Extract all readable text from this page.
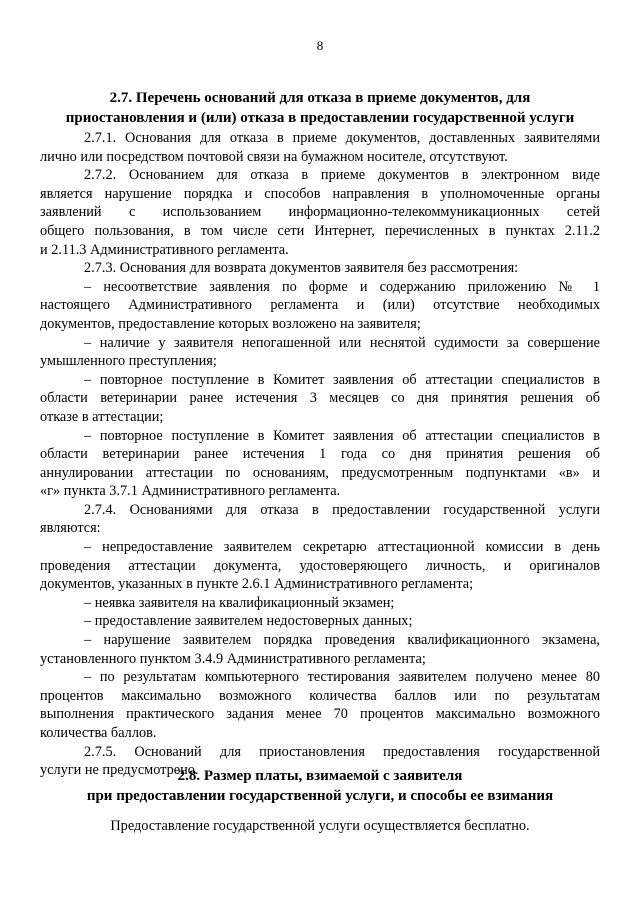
8
2.7. Перечень оснований для отказа в приеме документов, для
приостановления и (или) отказа в предоставлении государственной услуги
2.7.1. Основания для отказа в приеме документов, доставленных заявителями
лично или посредством почтовой связи на бумажном носителе, отсутствуют.
2.7.2. Основанием для отказа в приеме документов в электронном виде
является нарушение порядка и способов направления в уполномоченные органы
заявлений с использованием информационно-телекоммуникационных сетей
общего пользования, в том числе сети Интернет, перечисленных в пунктах 2.11.2
и 2.11.3 Административного регламента.
2.7.3. Основания для возврата документов заявителя без рассмотрения:
– несоответствие заявления по форме и содержанию приложению № 1
настоящего Административного регламента и (или) отсутствие необходимых
документов, предоставление которых возложено на заявителя;
– наличие у заявителя непогашенной или неснятой судимости за совершение
умышленного преступления;
– повторное поступление в Комитет заявления об аттестации специалистов в
области ветеринарии ранее истечения 3 месяцев со дня принятия решения об
отказе в аттестации;
– повторное поступление в Комитет заявления об аттестации специалистов в
области ветеринарии ранее истечения 1 года со дня принятия решения об
аннулировании аттестации по основаниям, предусмотренным подпунктами «в» и
«г» пункта 3.7.1 Административного регламента.
2.7.4. Основаниями для отказа в предоставлении государственной услуги
являются:
– непредоставление заявителем секретарю аттестационной комиссии в день
проведения аттестации документа, удостоверяющего личность, и оригиналов
документов, указанных в пункте 2.6.1 Административного регламента;
– неявка заявителя на квалификационный экзамен;
– предоставление заявителем недостоверных данных;
– нарушение заявителем порядка проведения квалификационного экзамена,
установленного пунктом 3.4.9 Административного регламента;
– по результатам компьютерного тестирования заявителем получено менее 80
процентов максимально возможного количества баллов или по результатам
выполнения практического задания менее 70 процентов максимально возможного
количества баллов.
2.7.5. Оснований для приостановления предоставления государственной
услуги не предусмотрено.
2.8. Размер платы, взимаемой с заявителя
при предоставлении государственной услуги, и способы ее взимания
Предоставление государственной услуги осуществляется бесплатно.
